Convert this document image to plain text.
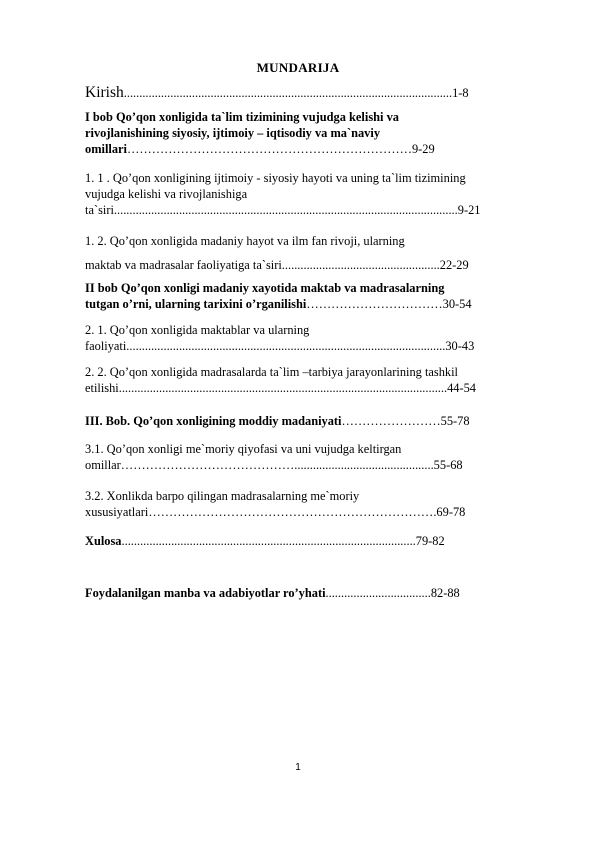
MUNDARIJA
Kirish..........................................................................................................1-8
I bob Qo’qon xonligida ta`lim tizimining vujudga kelishi va
rivojlanishining siyosiy, ijtimoiy – iqtisodiy va ma`naviy
omillari……………………………………………………………9-29
1. 1 . Qo’qon xonligining ijtimoiy - siyosiy hayoti va uning ta`lim tizimining
vujudga kelishi va rivojlanishiga
ta`siri...............................................................................................................9-21
1. 2. Qo’qon xonligida madaniy hayot va ilm fan rivoji, ularning
maktab va madrasalar faoliyatiga ta`siri...................................................22-29
II bob Qo’qon xonligi madaniy xayotida maktab va madrasalarning
tutgan o’rni, ularning tarixini o’rganilishi……………………………30-54
2. 1. Qo’qon xonligida maktablar va ularning
faoliyati.......................................................................................................30-43
2. 2. Qo’qon xonligida madrasalarda ta`lim –tarbiya jarayonlarining tashkil
etilishi..........................................................................................................44-54
III. Bob. Qo’qon xonligining moddiy madaniyati……………………55-78
3.1. Qo’qon xonligi me`moriy qiyofasi va uni vujudga keltirgan
omillar…………………………………….............................................55-68
3.2. Xonlikda barpo qilingan madrasalarning me`moriy
xususiyatlari…………………………………………………………….69-78
Xulosa...............................................................................................79-82
Foydalanilgan manba va adabiyotlar ro’yhati..................................82-88
1
